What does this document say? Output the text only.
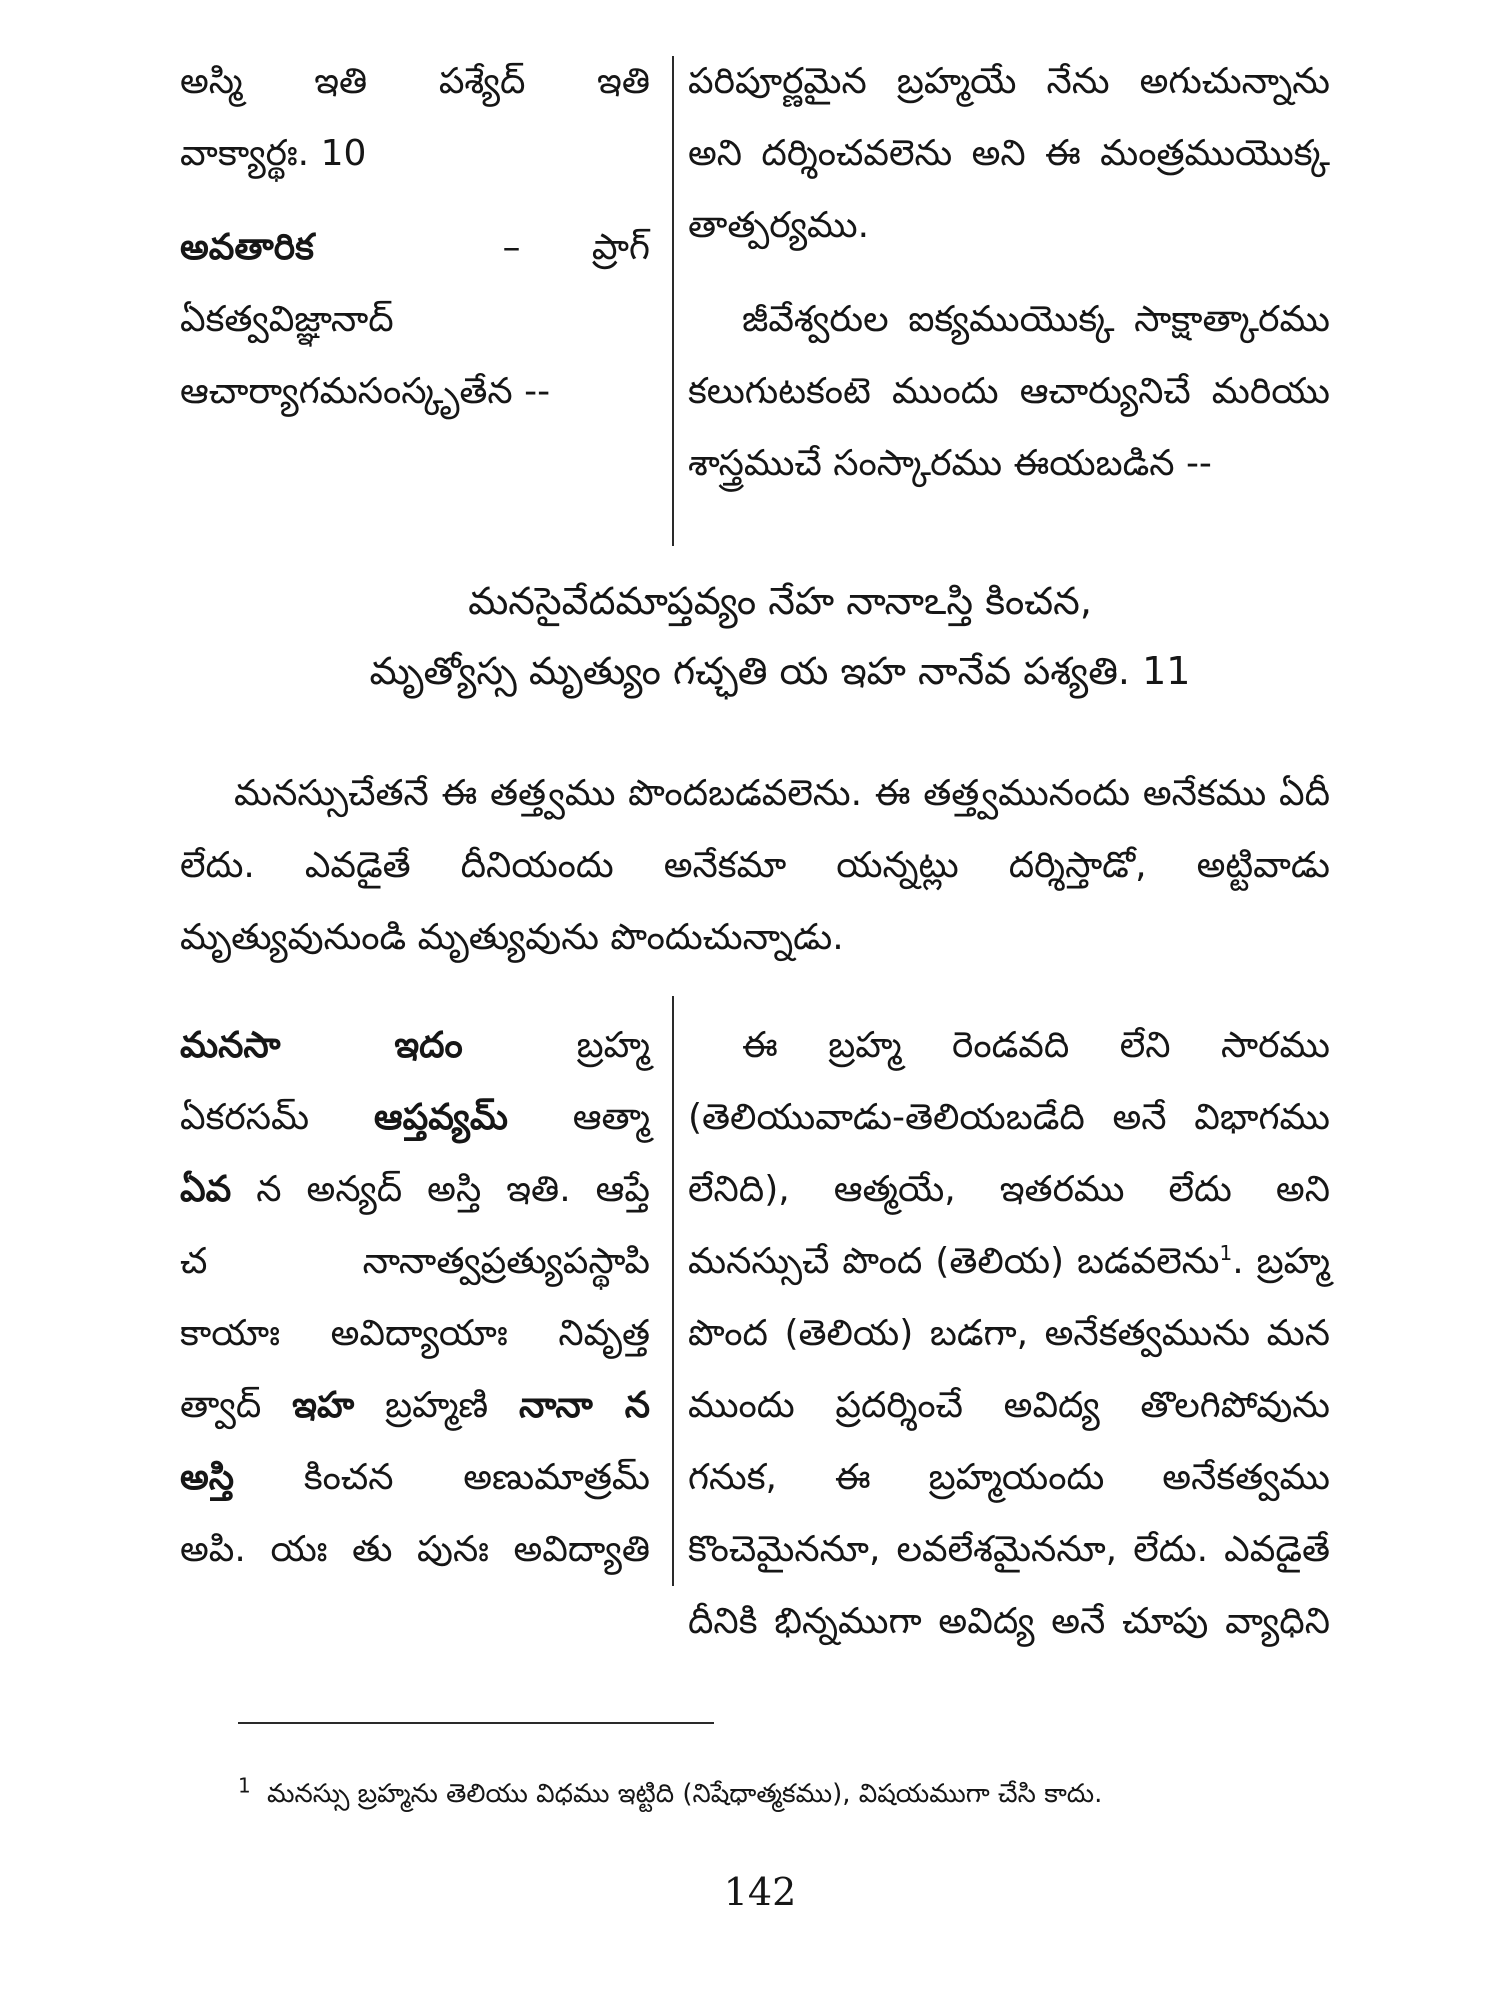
అస్మి ఇతి పశ్యేద్ ఇతి

వాక్యార్థః. 10

అవతారిక	– ప్రాగ్

ఏకత్వవిజ్ఞానాద్

ఆచార్యాగమసంస్కృతేన --

పరిపూర్ణమైన బ్రహ్మయే నేను అగుచున్నాను అని దర్శించవలెను అని ఈ మంత్రముయొక్క తాత్పర్యము.

జీవేశ్వరుల ఐక్యముయొక్క సాక్షాత్కారము కలుగుటకంటె ముందు ఆచార్యునిచే మరియు శాస్త్రముచే సంస్కారము ఈయబడిన --

మనసైవేదమాప్తవ్యం నేహ నానాఽస్తి కించన,
మృత్యోస్స మృత్యుం గచ్ఛతి య ఇహ నానేవ పశ్యతి. 11
మనస్సుచేతనే ఈ తత్త్వము పొందబడవలెను. ఈ తత్త్వమునందు అనేకము ఏదీ లేదు. ఎవడైతే దీనియందు అనేకమా యన్నట్లు దర్శిస్తాడో, అట్టివాడు మృత్యువునుండి మృత్యువును పొందుచున్నాడు.

మనసా	ఇదం	బ్రహ్మ

ఏకరసమ్ ఆప్తవ్యమ్ ఆత్మా

ఏవ న అన్యద్ అస్తి ఇతి. ఆప్తే

చ నానాత్వప్రత్యుపస్థాపి

కాయాః అవిద్యాయాః నివృత్త

త్వాద్ ఇహ బ్రహ్మణి నానా న

అస్తి కించన అణుమాత్రమ్

అపి. యః తు పునః అవిద్యాతి

ఈ బ్రహ్మ రెండవది లేని సారము (తెలియువాడు-తెలియబడేది అనే విభాగము లేనిది), ఆత్మయే, ఇతరము లేదు అని మనస్సుచే పొంద (తెలియ) బడవలెను$^1$. బ్రహ్మ పొంద (తెలియ) బడగా, అనేకత్వమును మన ముందు ప్రదర్శించే అవిద్య తొలగిపోవును గనుక, ఈ బ్రహ్మయందు అనేకత్వము కొంచెమైననూ, లవలేశమైననూ, లేదు. ఎవడైతే దీనికి భిన్నముగా అవిద్య అనే చూపు వ్యాధిని

$^1$ మనస్సు బ్రహ్మను తెలియు విధము ఇట్టిది (నిషేధాత్మకము), విషయముగా చేసి కాదు.
142
